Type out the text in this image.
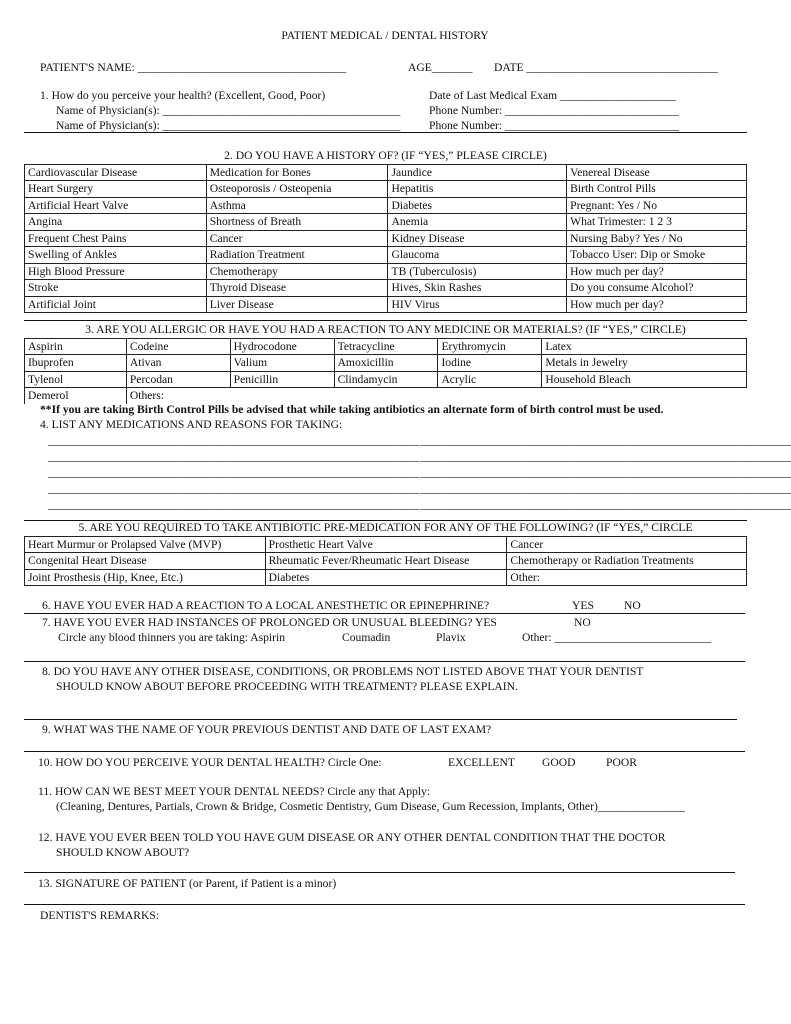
PATIENT MEDICAL / DENTAL HISTORY
PATIENT'S NAME: ____________________________________	AGE_______ DATE _________________________________
1. How do you perceive your health? (Excellent, Good, Poor)
Name of Physician(s): _________________________________________
Name of Physician(s): _________________________________________
Date of Last Medical Exam ____________________
Phone Number: ______________________________
Phone Number: ______________________________
2. DO YOU HAVE A HISTORY OF? (IF “YES,” PLEASE CIRCLE)			
Cardiovascular Disease	Medication for Bones	Jaundice	Venereal Disease
Heart Surgery	Osteoporosis / Osteopenia	Hepatitis	Birth Control Pills
Artificial Heart Valve	Asthma	Diabetes	Pregnant: Yes / No
Angina	Shortness of Breath	Anemia	What Trimester: 1 2 3
Frequent Chest Pains	Cancer	Kidney Disease	Nursing Baby? Yes / No
Swelling of Ankles	Radiation Treatment	Glaucoma	Tobacco User: Dip or Smoke
High Blood Pressure	Chemotherapy	TB (Tuberculosis)	How much per day?
Stroke	Thyroid Disease	Hives, Skin Rashes	Do you consume Alcohol?
Artificial Joint	Liver Disease	HIV Virus	How much per day?
3. ARE YOU ALLERGIC OR HAVE YOU HAD A REACTION TO ANY MEDICINE OR MATERIALS? (IF “YES,” CIRCLE)					
Aspirin	Codeine	Hydrocodone	Tetracycline	Erythromycin	Latex
Ibuprofen	Ativan	Valium	Amoxicillin	Iodine	Metals in Jewelry
Tylenol	Percodan	Penicillin	Clindamycin	Acrylic	Household Bleach
Demerol	Others:				
**If you are taking Birth Control Pills be advised that while taking antibiotics an alternate form of birth control must be used.
4. LIST ANY MEDICATIONS AND REASONS FOR TAKING:
________________________________________________________________ ________________________________________________________________
________________________________________________________________ ________________________________________________________________
________________________________________________________________ ________________________________________________________________
________________________________________________________________ ________________________________________________________________
________________________________________________________________ ________________________________________________________________
5. ARE YOU REQUIRED TO TAKE ANTIBIOTIC PRE-MEDICATION FOR ANY OF THE FOLLOWING? (IF “YES,” CIRCLE		
Heart Murmur or Prolapsed Valve (MVP)	Prosthetic Heart Valve	Cancer
Congenital Heart Disease	Rheumatic Fever/Rheumatic Heart Disease	Chemotherapy or Radiation Treatments
Joint Prosthesis (Hip, Knee, Etc.)	Diabetes	Other:
6. HAVE YOU EVER HAD A REACTION TO A LOCAL ANESTHETIC OR EPINEPHRINE?	YES	NO
7. HAVE YOU EVER HAD INSTANCES OF PROLONGED OR UNUSUAL BLEEDING? YES	NO
Circle any blood thinners you are taking: Aspirin	Coumadin	Plavix	Other: ___________________________
8. DO YOU HAVE ANY OTHER DISEASE, CONDITIONS, OR PROBLEMS NOT LISTED ABOVE THAT YOUR DENTIST
SHOULD KNOW ABOUT BEFORE PROCEEDING WITH TREATMENT? PLEASE EXPLAIN.
9. WHAT WAS THE NAME OF YOUR PREVIOUS DENTIST AND DATE OF LAST EXAM?
10. HOW DO YOU PERCEIVE YOUR DENTAL HEALTH? Circle One:	EXCELLENT GOOD	POOR
11. HOW CAN WE BEST MEET YOUR DENTAL NEEDS? Circle any that Apply:
(Cleaning, Dentures, Partials, Crown & Bridge, Cosmetic Dentistry, Gum Disease, Gum Recession, Implants, Other)_______________
12. HAVE YOU EVER BEEN TOLD YOU HAVE GUM DISEASE OR ANY OTHER DENTAL CONDITION THAT THE DOCTOR
SHOULD KNOW ABOUT?
13. SIGNATURE OF PATIENT (or Parent, if Patient is a minor)
DENTIST'S REMARKS:
